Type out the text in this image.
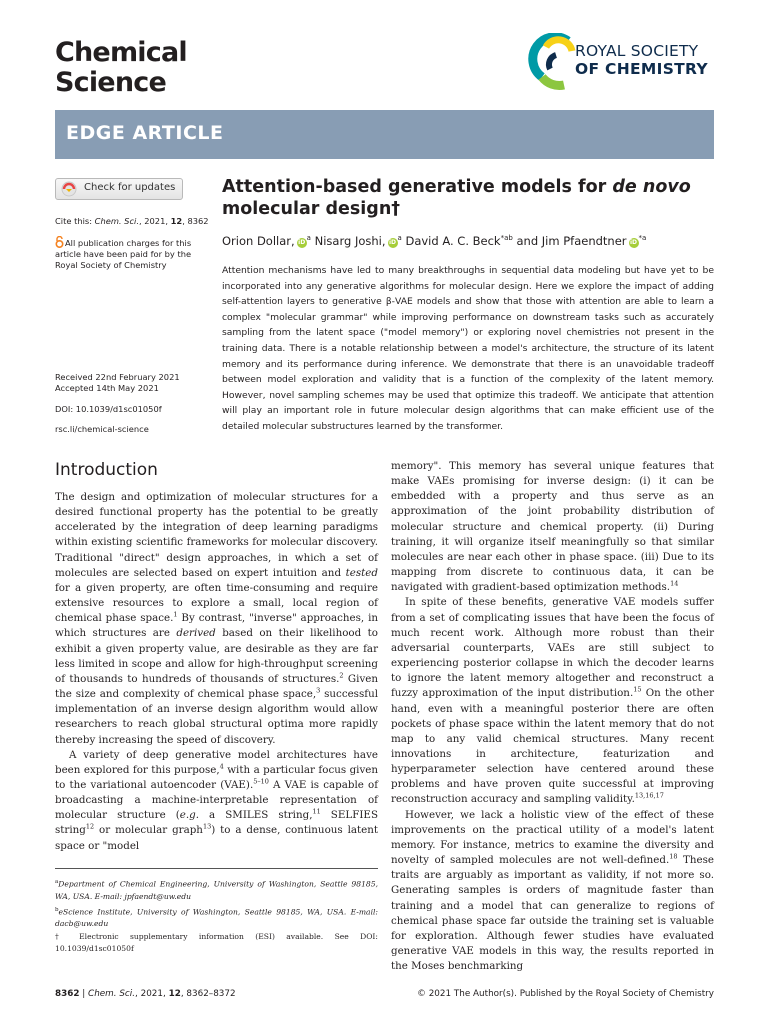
Chemical
Science
ROYAL SOCIETY
OF CHEMISTRY
EDGE ARTICLE
Check for updates
Cite this: Chem. Sci., 2021, 12, 8362
All publication charges for this article have been paid for by the Royal Society of Chemistry
Received 22nd February 2021
Accepted 14th May 2021
DOI: 10.1039/d1sc01050f
rsc.li/chemical-science
Attention-based generative models for de novo molecular design†
Orion Dollar, $iD^a$ Nisarg Joshi, $iD^a$ David A. C. Beck$^{*ab}$ and Jim Pfaendtner $iD^{*a}$
Attention mechanisms have led to many breakthroughs in sequential data modeling but have yet to be incorporated into any generative algorithms for molecular design. Here we explore the impact of adding self-attention layers to generative β-VAE models and show that those with attention are able to learn a complex "molecular grammar" while improving performance on downstream tasks such as accurately sampling from the latent space ("model memory") or exploring novel chemistries not present in the training data. There is a notable relationship between a model's architecture, the structure of its latent memory and its performance during inference. We demonstrate that there is an unavoidable tradeoff between model exploration and validity that is a function of the complexity of the latent memory. However, novel sampling schemes may be used that optimize this tradeoff. We anticipate that attention will play an important role in future molecular design algorithms that can make efficient use of the detailed molecular substructures learned by the transformer.
Introduction

The design and optimization of molecular structures for a desired functional property has the potential to be greatly accelerated by the integration of deep learning paradigms within existing scientific frameworks for molecular discovery. Traditional "direct" design approaches, in which a set of molecules are selected based on expert intuition and tested for a given property, are often time-consuming and require extensive resources to explore a small, local region of chemical phase space.$^1$ By contrast, "inverse" approaches, in which structures are derived based on their likelihood to exhibit a given property value, are desirable as they are far less limited in scope and allow for high-throughput screening of thousands to hundreds of thousands of structures.$^2$ Given the size and complexity of chemical phase space,$^3$ successful implementation of an inverse design algorithm would allow researchers to reach global structural optima more rapidly thereby increasing the speed of discovery.

A variety of deep generative model architectures have been explored for this purpose,$^4$ with a particular focus given to the variational autoencoder (VAE).$^{5-10}$ A VAE is capable of broadcasting a machine-interpretable representation of molecular structure (e.g. a SMILES string,$^{11}$ SELFIES string$^{12}$ or molecular graph$^{13}$) to a dense, continuous latent space or "model

$^a$Department of Chemical Engineering, University of Washington, Seattle 98185, WA, USA. E-mail: jpfaendt@uw.edu

$^b$eScience Institute, University of Washington, Seattle 98185, WA, USA. E-mail: dacb@uw.edu

† Electronic supplementary information (ESI) available. See DOI: 10.1039/d1sc01050f

memory". This memory has several unique features that make VAEs promising for inverse design: (i) it can be embedded with a property and thus serve as an approximation of the joint probability distribution of molecular structure and chemical property. (ii) During training, it will organize itself meaningfully so that similar molecules are near each other in phase space. (iii) Due to its mapping from discrete to continuous data, it can be navigated with gradient-based optimization methods.$^{14}$

In spite of these benefits, generative VAE models suffer from a set of complicating issues that have been the focus of much recent work. Although more robust than their adversarial counterparts, VAEs are still subject to experiencing posterior collapse in which the decoder learns to ignore the latent memory altogether and reconstruct a fuzzy approximation of the input distribution.$^{15}$ On the other hand, even with a meaningful posterior there are often pockets of phase space within the latent memory that do not map to any valid chemical structures. Many recent innovations in architecture, featurization and hyperparameter selection have centered around these problems and have proven quite successful at improving reconstruction accuracy and sampling validity.$^{13,16,17}$

However, we lack a holistic view of the effect of these improvements on the practical utility of a model's latent memory. For instance, metrics to examine the diversity and novelty of sampled molecules are not well-defined.$^{18}$ These traits are arguably as important as validity, if not more so. Generating samples is orders of magnitude faster than training and a model that can generalize to regions of chemical phase space far outside the training set is valuable for exploration. Although fewer studies have evaluated generative VAE models in this way, the results reported in the Moses benchmarking

8362 | Chem. Sci., 2021, 12, 8362–8372	© 2021 The Author(s). Published by the Royal Society of Chemistry
